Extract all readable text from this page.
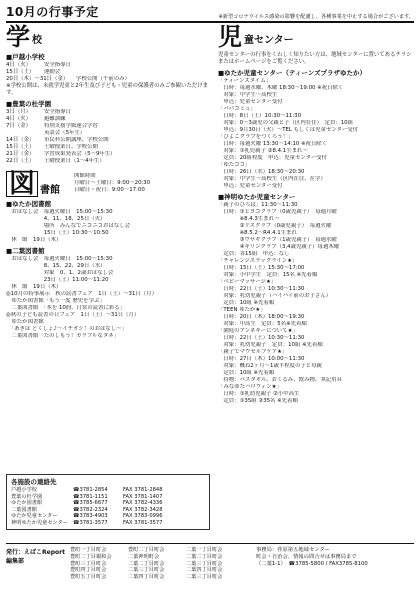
10月の行事予定	※新型コロナウイルス感染の影響を配慮し、各種事業を中止する場合がございます。
学 校
■戸越小学校
4日（火）	安全指導日
15日（土）	運動会
20日（木）～31日（金）	学校公開（午前のみ）
※学校公開は、未就学児童と2年生及び子ども・児童の保護者のみご参観いただけます。
■豊葉の杜学園
3日（月）	安全指導日
4日（火）	避難訓練
7日（金）	特別支援学級連合学習
英語会（5年生）
14日（金）	市民科公開講座、学校公開
15日（土）	土曜授業日、学校公開
21日（金）	学習成果発表会（5～9年生）
22日（土）	土曜授業日（1～4年生）
図 書館
開館時間
月曜日～土曜日：9:00～20:30
日曜日・祝日：9:00～17:00
■ゆたか図書館
　おはなし会　毎週火曜日　15:00～15:30
　　　　　　　4、11、18、25日（火）
　　　　　　　場所　みんなでニコニコおはなし会
　　　　　　　15日（土）10:30～10:50
　休　館　19日（木）
■二葉図書館
　おはなし会　毎週火曜日　15:00～15:30
　　　　　　　8、15、22、29日（水）
　　　　　　　対象　0、1、2歳おはなし会
　　　　　　　23日（土）11:00～11:20
　休　館　19日（木）
◎10月の特事展示　秋の読書フェア　1日（土）～31日（月）
　ゆたか図書館「もう一度 歴史を学ぶ」
　二葉図書館　「本を 10冊、日常の読書に彩る」
◎秋の子ども読書の日フェア　1日（土）～31日（月）
　ゆたか図書館
　「あきは どくしょ♪～イチオシ！のおはなし～」
　二葉図書館「たのしもう！カラフルなタネ」
各施設の連絡先
戸越小学校	☎3781-2854	FAX 3781-2848
豊葉の杜学園	☎3781-1151	FAX 3781-1407
ゆたか図書館	☎3785-6677	FAX 3782-4336
二葉図書館	☎3782-2324	FAX 3782-3428
ゆたか児童センター	☎3783-4903	FAX 3783-0996
神明ゆたか児童センター ☎3781-3577	FAX 3781-3577
児 童センター
児童センターの行事をくわしく知りたい方は、地域センターに置いてあるチラシまたはホームページをご覧ください。
■ゆたか児童センター（ティーンズプラザゆたか）
「ティーンズタイム」
　日時：毎週水曜、木曜 18:30～19:00 ※祝日除く
　対象：中学生～高校生
　申込：児童センター受付
「パパコミュ」
　日時：8日（土）10:30～11:30
　対象：0～3歳児の父親と子（区内在住）　定員：10組
　申込：9月30日（火）～TEL もしくは児童センター受付
「ひよこクラブをつくろう！」
　日時：毎週火曜 13:30～14:10 ※祝日除く
　対象：①乳児親子 ②8.4.1生まれ～
　定員：20組程度　申込：児童センター受付
「ゆたココ」
　日時：26日（水）18:30～20:30
　対象：中学生～高校生（区内在住、在学）
　申込：児童センター受付
■神明ゆたか児童センター
「親子のひろば」11:30～11:30
　日時：①ヒヨコクラブ（0歳児親子）　毎週月曜
　　　　※8.4.3生まれ～
　　　　②リスクラブ（0歳児親子）　毎週火曜
　　　　※8.5.2～R4.4.1生まれ
　　　　③ウサギクラブ（1歳児親子）　毎週水曜
　　　　④キリンクラブ（3,4歳児親子）毎週木曜
　定員：各15組　申込：なし
「チャレンジスラックライン★」
　日時：15日（土）15:30～17:00
　対象：小中学生　定員：15名 ※先着順
「ベビーマッサージ★」
　日時：22日（土）10:30～11:30
　対象：乳幼児親子（ハイハイ前のお子さん）
　定員：10組 ※先着順
「TEEN ゆたか★」
　日時：20日（木）18:00～19:30
　対象：中高生　定員：5名※先着順
「園庭のアンネキーについて★」
　日時：22日（土）10:30～11:30
　対象：乳幼児親子　定員：10組 ※先着順
「親子でマウセルフケア★」
　日時：27日（木）10:00～11:30
　対象：概ね2ヶ月～1歳半程度の子と母親
　定員：10組 ※先着順
　持物：バスタオル、おくるみ、飲み物、筆記用具
「みなゆたハロウィン★」
　日時：①乳幼児親子 ②小中高生
　定員：①35組 ②35名 ※先着順
発行：えばこReport編集部
豊町一丁目町会	豊町二丁目町会	二葉一丁目町会
豊町二丁目親和会	二葉神明町会	二葉二丁目町会
豊町三丁目町会	二葉二丁目町会	二葉三丁目町会
豊町四丁目町会	二葉三丁目町会	二葉四丁目町会
豊町五丁目町会	二葉四丁目町会	二葉三丁目町会
事務局：荏原第五地域センター
町会・自治会、情報の問合せは事務局まで
（二葉1-1）　☎3785-5800 / FAX3785-8100
